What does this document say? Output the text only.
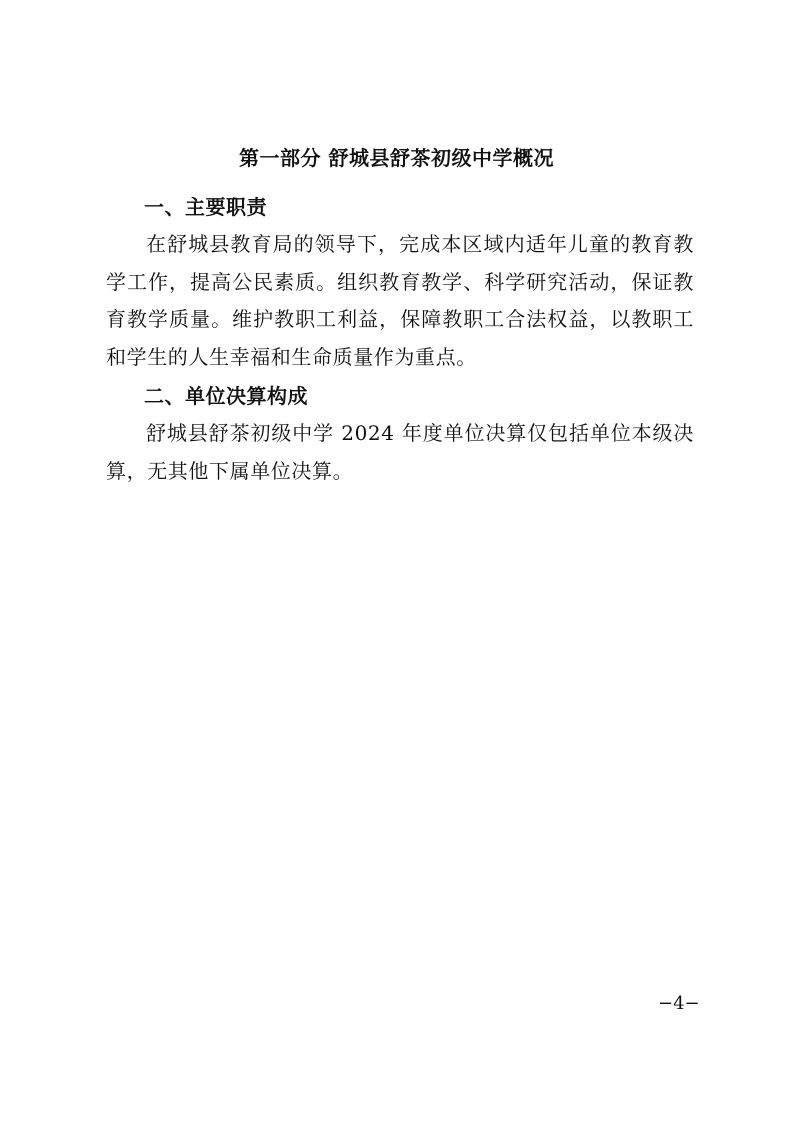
第一部分 舒城县舒茶初级中学概况
一、主要职责

在舒城县教育局的领导下，完成本区域内适年儿童的教育教学工作，提高公民素质。组织教育教学、科学研究活动，保证教育教学质量。维护教职工利益，保障教职工合法权益，以教职工和学生的人生幸福和生命质量作为重点。

二、单位决算构成

舒城县舒茶初级中学 2024 年度单位决算仅包括单位本级决算，无其他下属单位决算。

−4−
